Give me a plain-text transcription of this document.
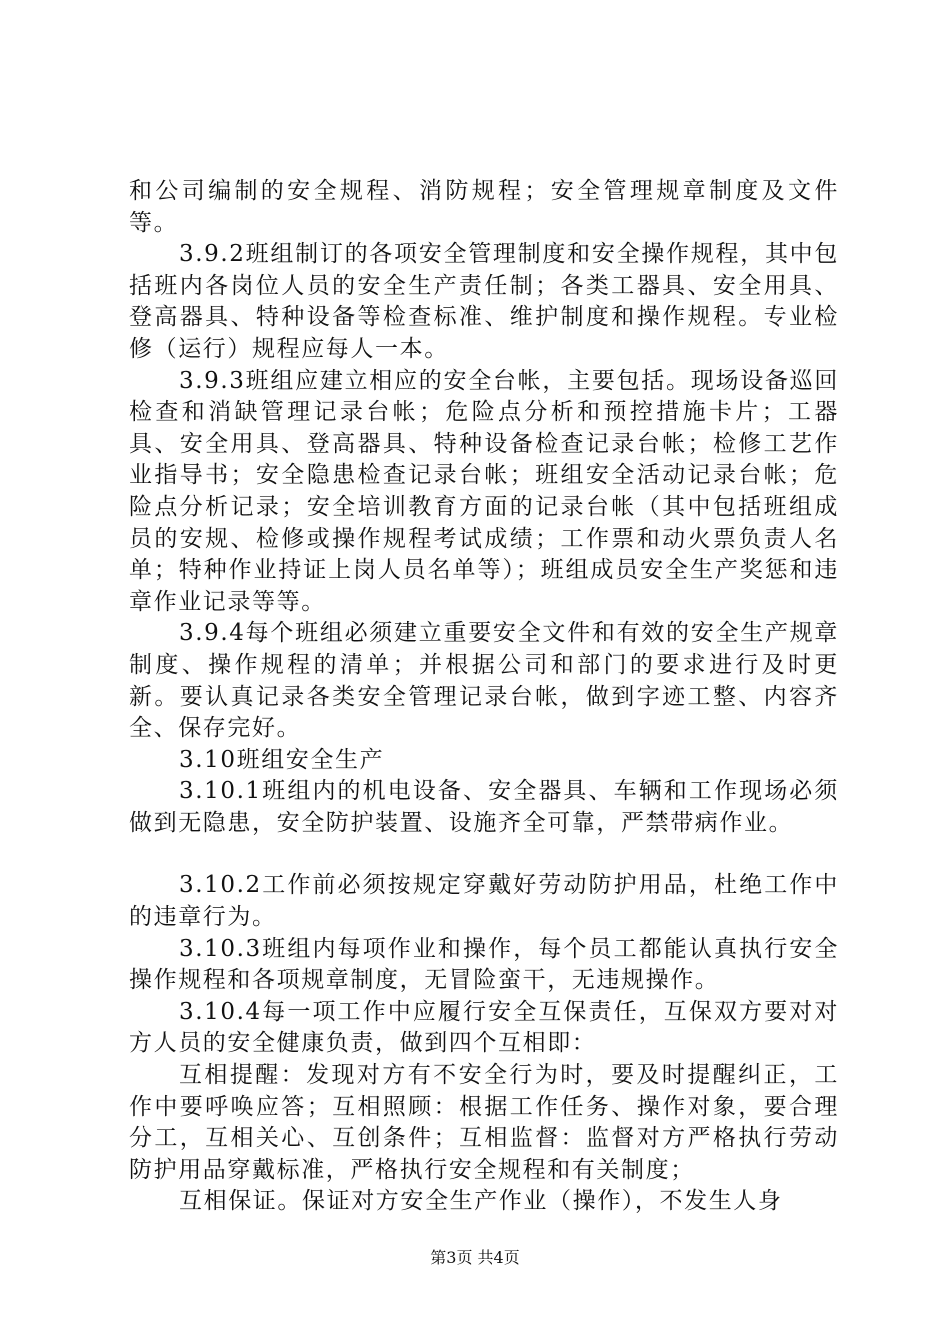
和公司编制的安全规程、消防规程；安全管理规章制度及文件等。

3.9.2班组制订的各项安全管理制度和安全操作规程，其中包括班内各岗位人员的安全生产责任制；各类工器具、安全用具、登高器具、特种设备等检查标准、维护制度和操作规程。专业检修（运行）规程应每人一本。

3.9.3班组应建立相应的安全台帐，主要包括。现场设备巡回检查和消缺管理记录台帐；危险点分析和预控措施卡片；工器具、安全用具、登高器具、特种设备检查记录台帐；检修工艺作业指导书；安全隐患检查记录台帐；班组安全活动记录台帐；危险点分析记录；安全培训教育方面的记录台帐（其中包括班组成员的安规、检修或操作规程考试成绩；工作票和动火票负责人名单；特种作业持证上岗人员名单等）；班组成员安全生产奖惩和违章作业记录等等。

3.9.4每个班组必须建立重要安全文件和有效的安全生产规章制度、操作规程的清单；并根据公司和部门的要求进行及时更新。要认真记录各类安全管理记录台帐，做到字迹工整、内容齐全、保存完好。

3.10班组安全生产

3.10.1班组内的机电设备、安全器具、车辆和工作现场必须做到无隐患，安全防护装置、设施齐全可靠，严禁带病作业。

3.10.2工作前必须按规定穿戴好劳动防护用品，杜绝工作中的违章行为。

3.10.3班组内每项作业和操作，每个员工都能认真执行安全操作规程和各项规章制度，无冒险蛮干，无违规操作。

3.10.4每一项工作中应履行安全互保责任，互保双方要对对方人员的安全健康负责，做到四个互相即：

互相提醒：发现对方有不安全行为时，要及时提醒纠正，工作中要呼唤应答；互相照顾：根据工作任务、操作对象，要合理分工，互相关心、互创条件；互相监督：监督对方严格执行劳动防护用品穿戴标准，严格执行安全规程和有关制度；

互相保证。保证对方安全生产作业（操作），不发生人身

第3页 共4页
